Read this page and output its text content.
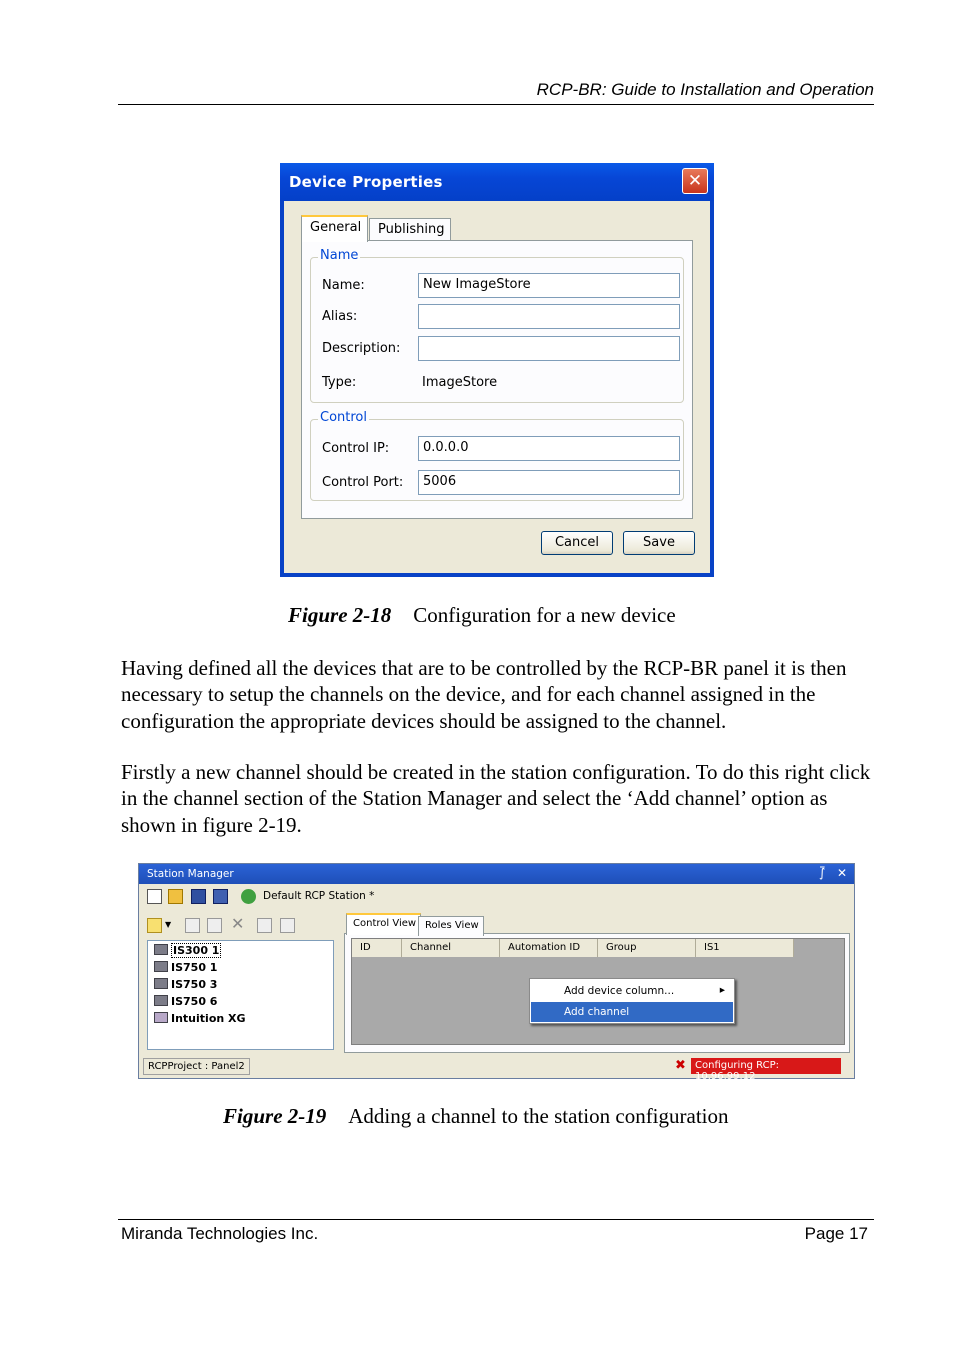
RCP-BR: Guide to Installation and Operation
Device Properties	✕
General	Publishing
Name
Name:	New ImageStore
Alias:
Description:
Type:	ImageStore
Control
Control IP:	0.0.0.0
Control Port:	5006
Cancel	Save
Figure 2-18 Configuration for a new device
Having defined all the devices that are to be controlled by the RCP-BR panel it is then necessary to setup the channels on the device, and for each channel assigned in the configuration the appropriate devices should be assigned to the channel.
Firstly a new channel should be created in the station configuration. To do this right click in the channel section of the Station Manager and select the ‘Add channel’ option as shown in figure 2-19.
Station Manager	⨛ ✕
Default RCP Station *
▼	✕
IS300 1
IS750 1
IS750 3
IS750 6
Intuition XG
Control View Roles View
ID	Channel	Automation ID	Group	IS1
Add device column...	▸
Add channel
RCPProject : Panel2	✖ Configuring RCP: 10.96.99.12
Figure 2-19 Adding a channel to the station configuration
Miranda Technologies Inc.	Page 17
